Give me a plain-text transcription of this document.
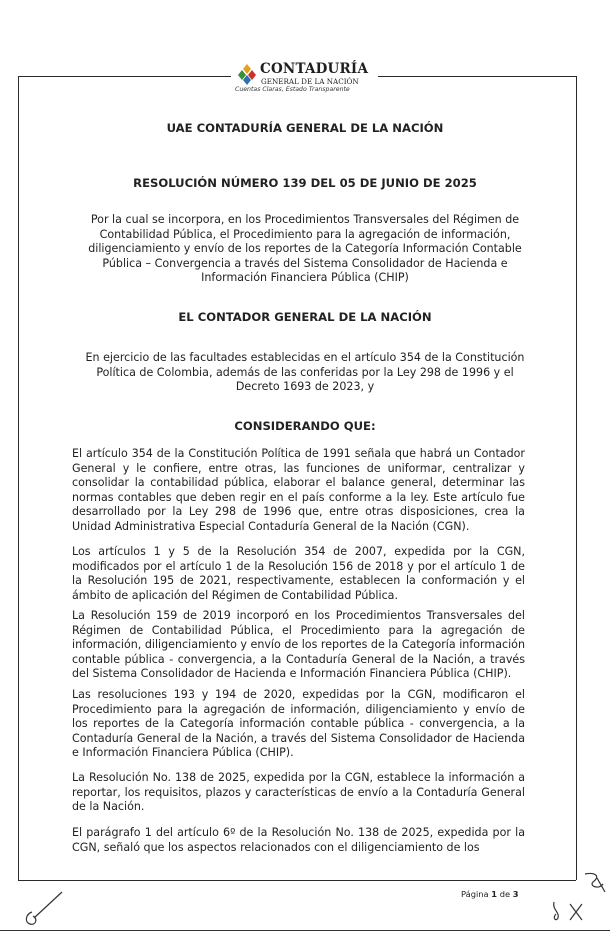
CONTADURÍA
GENERAL DE LA NACIÓN
Cuentas Claras, Estado Transparente
UAE CONTADURÍA GENERAL DE LA NACIÓN
RESOLUCIÓN NÚMERO 139 DEL 05 DE JUNIO DE 2025
Por la cual se incorpora, en los Procedimientos Transversales del Régimen de
Contabilidad Pública, el Procedimiento para la agregación de información,
diligenciamiento y envío de los reportes de la Categoría Información Contable
Pública – Convergencia a través del Sistema Consolidador de Hacienda e
Información Financiera Pública (CHIP)
EL CONTADOR GENERAL DE LA NACIÓN
En ejercicio de las facultades establecidas en el artículo 354 de la Constitución
Política de Colombia, además de las conferidas por la Ley 298 de 1996 y el
Decreto 1693 de 2023, y
CONSIDERANDO QUE:
El artículo 354 de la Constitución Política de 1991 señala que habrá un Contador General y le confiere, entre otras, las funciones de uniformar, centralizar y consolidar la contabilidad pública, elaborar el balance general, determinar las normas contables que deben regir en el país conforme a la ley. Este artículo fue desarrollado por la Ley 298 de 1996 que, entre otras disposiciones, crea la Unidad Administrativa Especial Contaduría General de la Nación (CGN).
Los artículos 1 y 5 de la Resolución 354 de 2007, expedida por la CGN, modificados por el artículo 1 de la Resolución 156 de 2018 y por el artículo 1 de la Resolución 195 de 2021, respectivamente, establecen la conformación y el ámbito de aplicación del Régimen de Contabilidad Pública.
La Resolución 159 de 2019 incorporó en los Procedimientos Transversales del Régimen de Contabilidad Pública, el Procedimiento para la agregación de información, diligenciamiento y envío de los reportes de la Categoría información contable pública - convergencia, a la Contaduría General de la Nación, a través del Sistema Consolidador de Hacienda e Información Financiera Pública (CHIP).
Las resoluciones 193 y 194 de 2020, expedidas por la CGN, modificaron el Procedimiento para la agregación de información, diligenciamiento y envío de los reportes de la Categoría información contable pública - convergencia, a la Contaduría General de la Nación, a través del Sistema Consolidador de Hacienda e Información Financiera Pública (CHIP).
La Resolución No. 138 de 2025, expedida por la CGN, establece la información a reportar, los requisitos, plazos y características de envío a la Contaduría General de la Nación.
El parágrafo 1 del artículo 6º de la Resolución No. 138 de 2025, expedida por la CGN, señaló que los aspectos relacionados con el diligenciamiento de los
Página 1 de 3
